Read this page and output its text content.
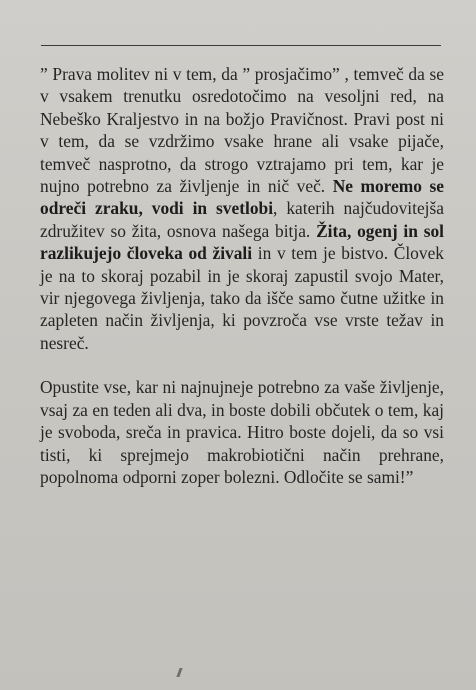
” Prava molitev ni v tem, da ” prosjačimo” , temveč da se v vsakem trenutku osredotočimo na vesoljni red, na Nebeško Kraljestvo in na božjo Pravičnost. Pravi post ni v tem, da se vzdržimo vsake hrane ali vsake pijače, temveč nasprotno, da strogo vztrajamo pri tem, kar je nujno potrebno za življenje in nič več. Ne moremo se odreči zraku, vodi in svetlobi, katerih najčudovitejša združitev so žita, osnova našega bitja. Žita, ogenj in sol razlikujejo človeka od živali in v tem je bistvo. Človek je na to skoraj pozabil in je skoraj zapustil svojo Mater, vir njegovega življenja, tako da išče samo čutne užitke in zapleten način življenja, ki povzroča vse vrste težav in nesreč.

Opustite vse, kar ni najnujneje potrebno za vaše življenje, vsaj za en teden ali dva, in boste dobili občutek o tem, kaj je svoboda, sreča in pravica. Hitro boste dojeli, da so vsi tisti, ki sprejmejo makrobiotični način prehrane, popolnoma odporni zoper bolezni. Odločite se sami!”
